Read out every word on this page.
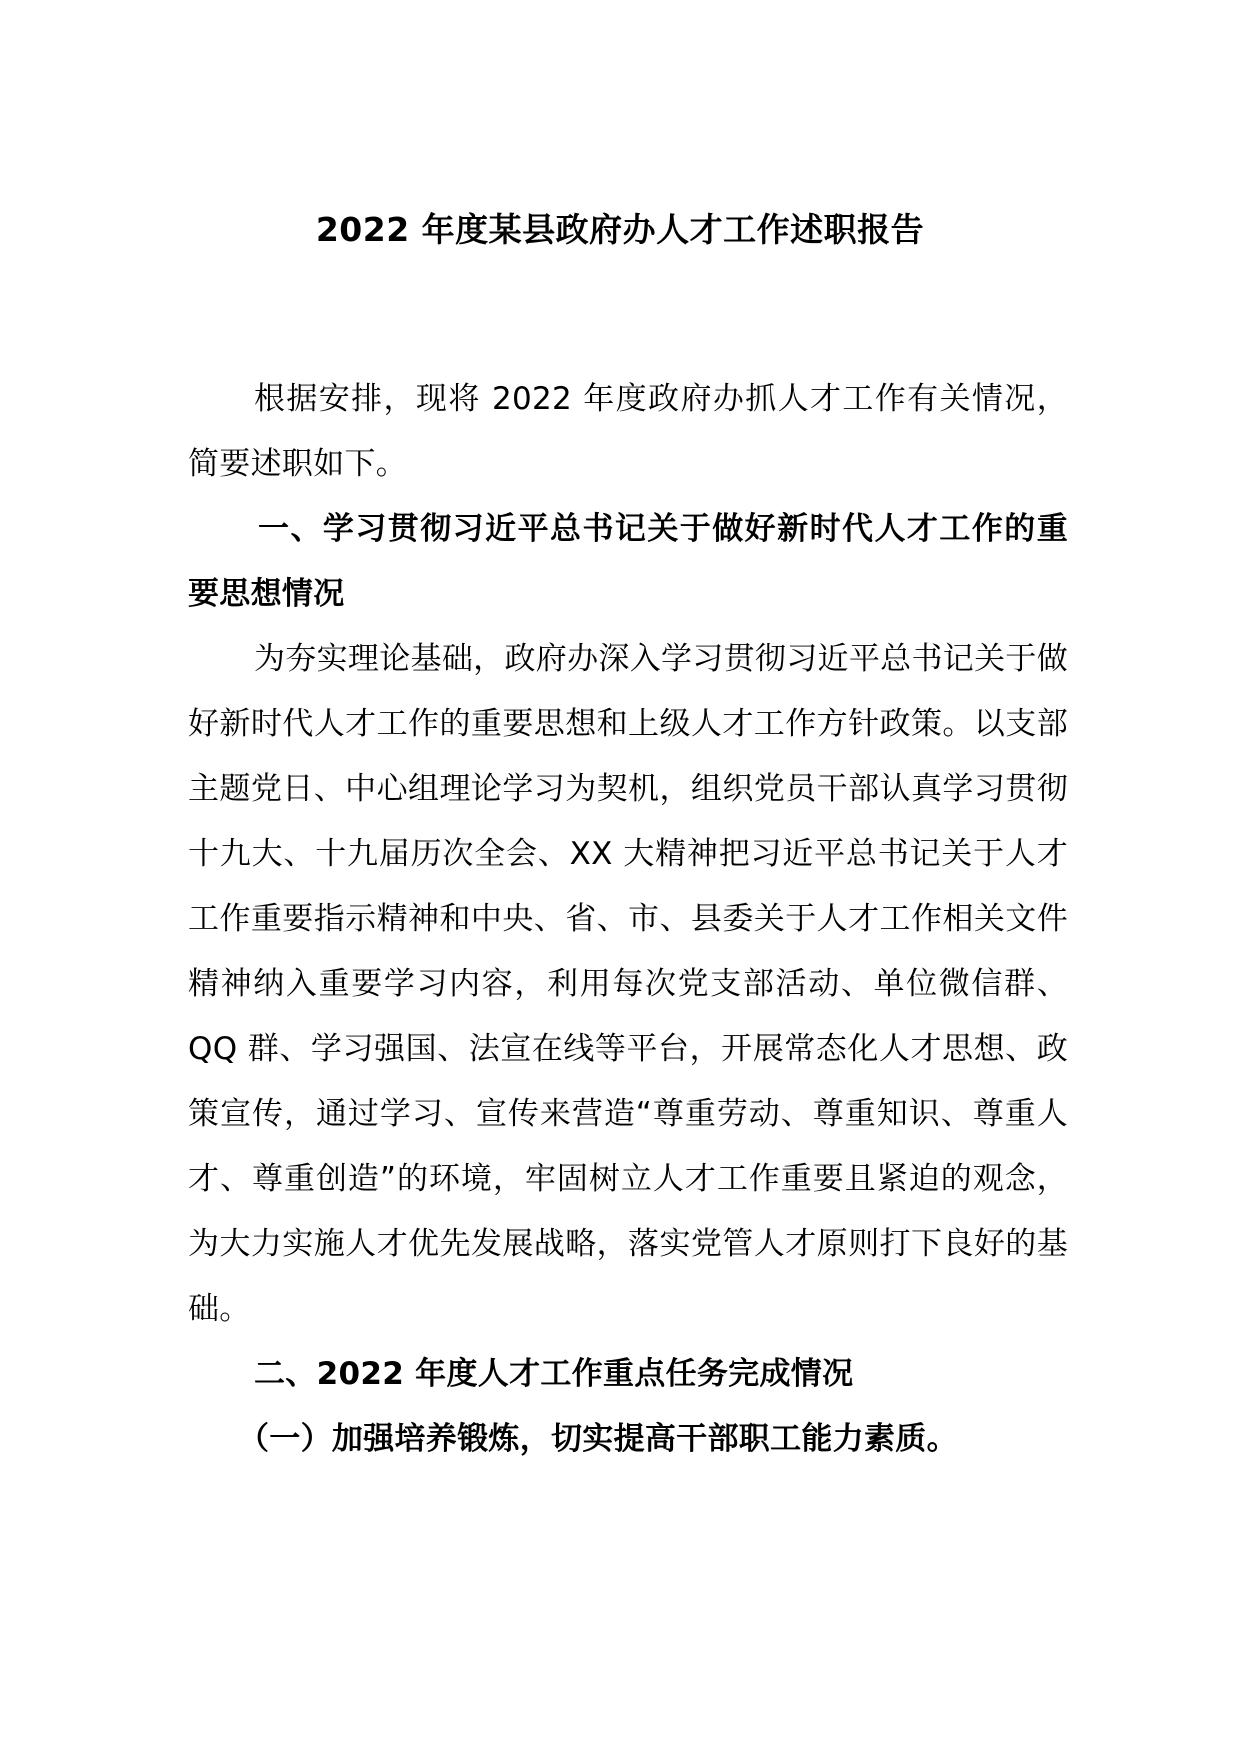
2022 年度某县政府办人才工作述职报告

根据安排，现将 2022 年度政府办抓人才工作有关情况，简要述职如下。

一、学习贯彻习近平总书记关于做好新时代人才工作的重要思想情况

为夯实理论基础，政府办深入学习贯彻习近平总书记关于做好新时代人才工作的重要思想和上级人才工作方针政策。以支部主题党日、中心组理论学习为契机，组织党员干部认真学习贯彻十九大、十九届历次全会、XX 大精神把习近平总书记关于人才工作重要指示精神和中央、省、市、县委关于人才工作相关文件精神纳入重要学习内容，利用每次党支部活动、单位微信群、QQ 群、学习强国、法宣在线等平台，开展常态化人才思想、政策宣传，通过学习、宣传来营造“尊重劳动、尊重知识、尊重人才、尊重创造”的环境，牢固树立人才工作重要且紧迫的观念，为大力实施人才优先发展战略，落实党管人才原则打下良好的基础。

二、2022 年度人才工作重点任务完成情况

（一）加强培养锻炼，切实提高干部职工能力素质。
